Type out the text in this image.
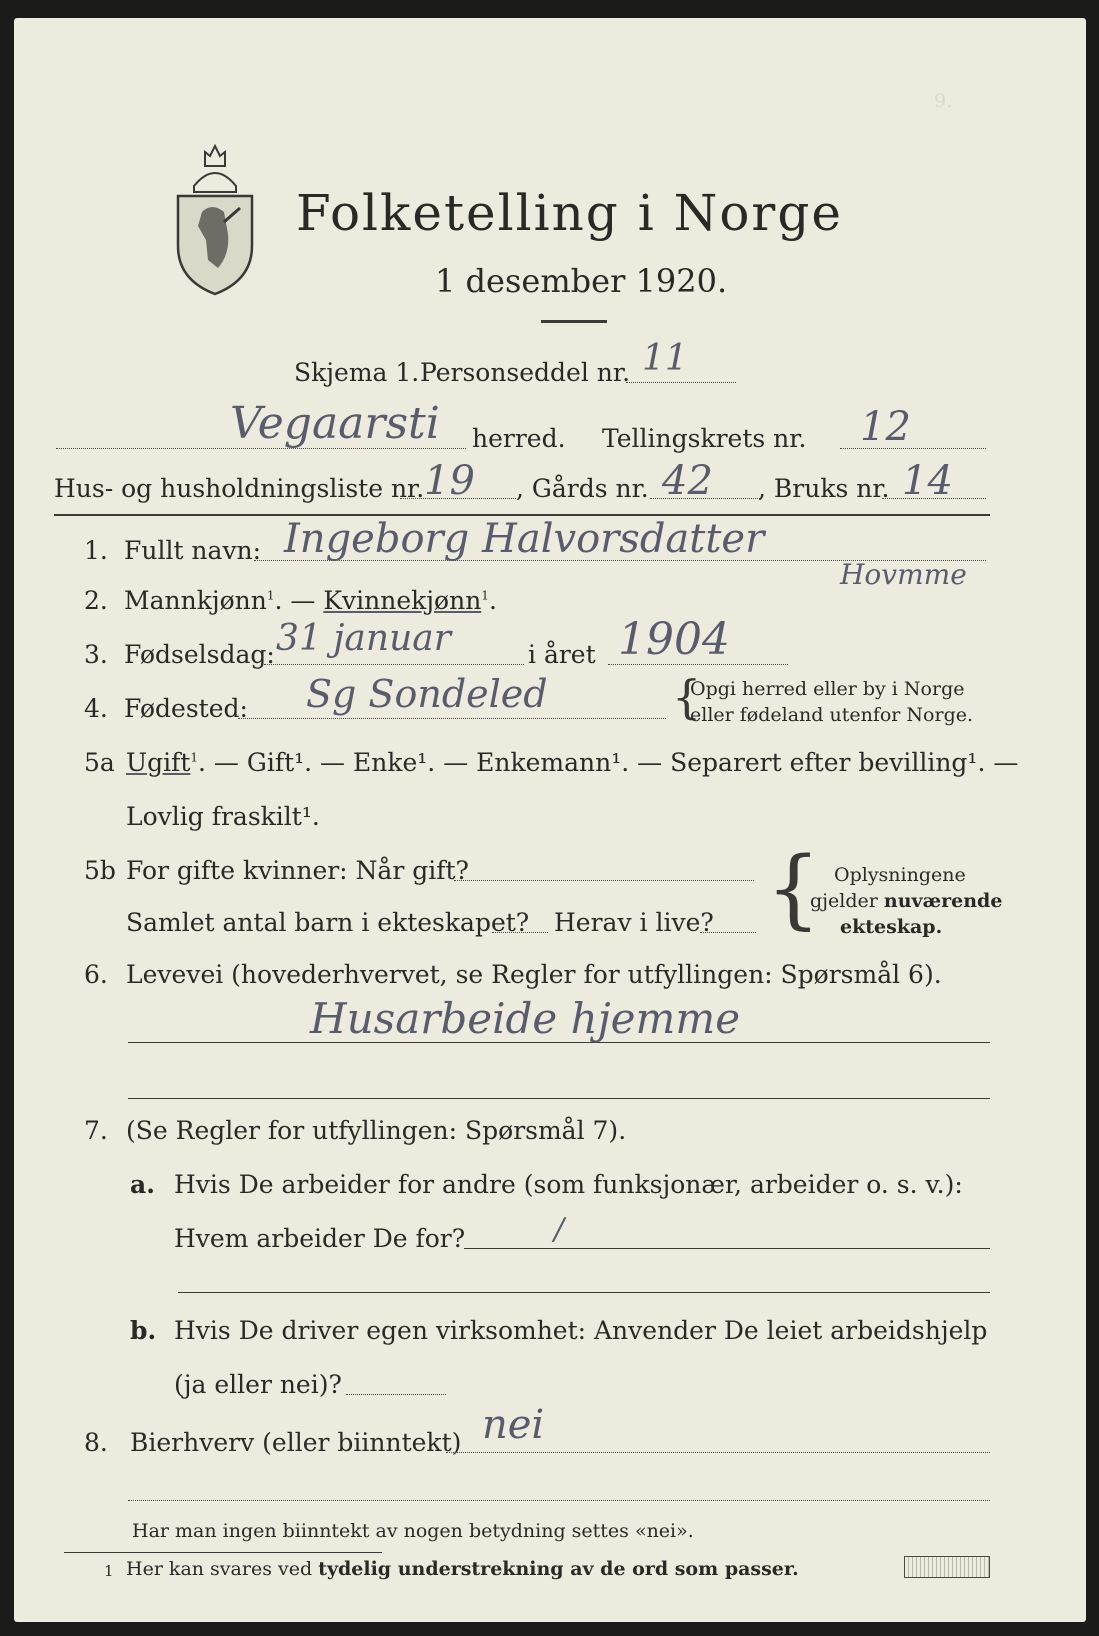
9.
Folketelling i Norge
1 desember 1920.
Skjema 1. Personseddel nr. 11
Vegaarsti herred. Tellingskrets nr. 12
Hus- og husholdningsliste nr. 19 , Gårds nr. 42 , Bruks nr. 14
1. Fullt navn: Ingeborg Halvorsdatter
Hovmme
2. Mannkjønn$^1$. — Kvinnekjønn$^1$.
3. Fødselsdag: 31 januar	i året 1904
4. Fødested: Sg Sondeled	{
Opgi herred eller by i Norge
eller fødeland utenfor Norge.
5a Ugift$^1$. — Gift¹. — Enke¹. — Enkemann¹. — Separert efter bevilling¹. —
Lovlig fraskilt¹.
5b For gifte kvinner: Når gift?
Samlet antal barn i ekteskapet? Herav i live? { Oplysningene
gjelder nuværende
ekteskap.
6. Levevei (hovederhvervet, se Regler for utfyllingen: Spørsmål 6).
Husarbeide hjemme
7. (Se Regler for utfyllingen: Spørsmål 7).
a. Hvis De arbeider for andre (som funksjonær, arbeider o. s. v.):
Hvem arbeider De for?	/
b. Hvis De driver egen virksomhet: Anvender De leiet arbeidshjelp
(ja eller nei)?
8. Bierhverv (eller biinntekt) nei
Har man ingen biinntekt av nogen betydning settes «nei».
1 Her kan svares ved tydelig understrekning av de ord som passer.
